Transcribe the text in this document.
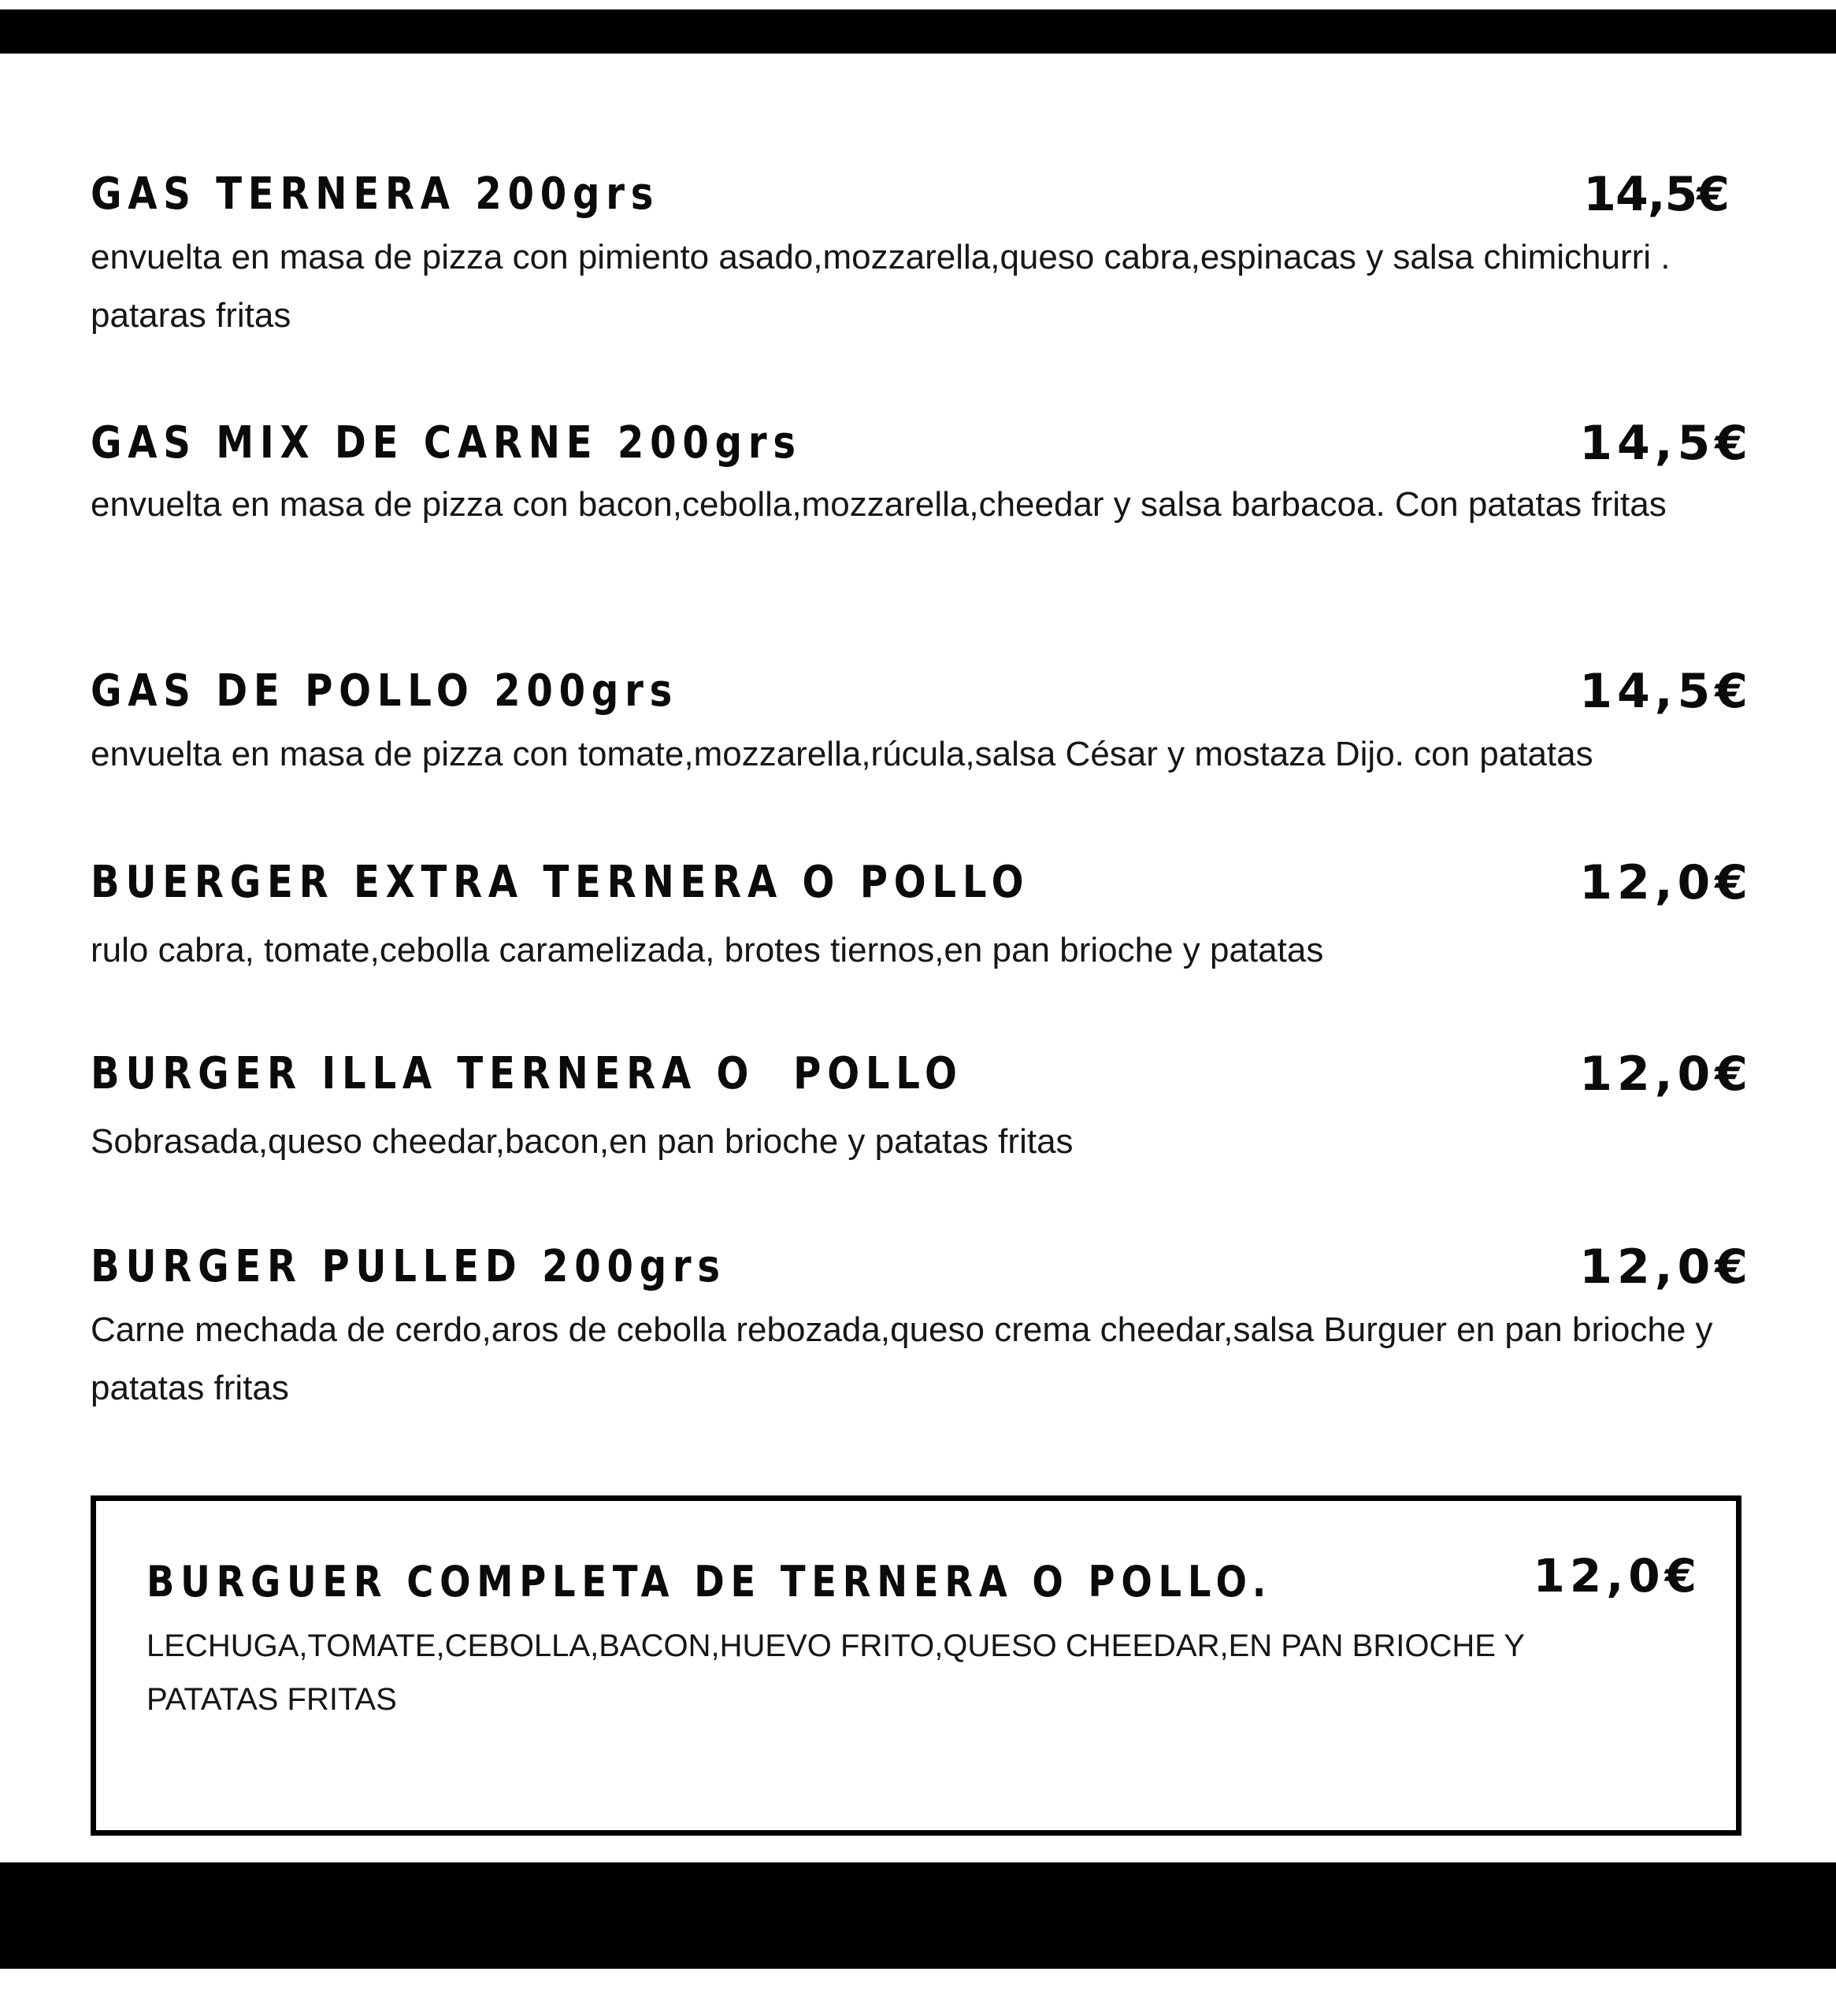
GAS TERNERA 200grs	14,5€
envuelta en masa de pizza con pimiento asado,mozzarella,queso cabra,espinacas y salsa chimichurri . pataras fritas
GAS MIX DE CARNE 200grs	14,5€
envuelta en masa de pizza con bacon,cebolla,mozzarella,cheedar y salsa barbacoa. Con patatas fritas
GAS DE POLLO 200grs	14,5€
envuelta en masa de pizza con tomate,mozzarella,rúcula,salsa César y mostaza Dijo. con patatas
BUERGER EXTRA TERNERA O POLLO	12,0€
rulo cabra, tomate,cebolla caramelizada, brotes tiernos,en pan brioche y patatas
BURGER ILLA TERNERA O  POLLO	12,0€
Sobrasada,queso cheedar,bacon,en pan brioche y patatas fritas
BURGER PULLED 200grs	12,0€
Carne mechada de cerdo,aros de cebolla rebozada,queso crema cheedar,salsa Burguer en pan brioche y patatas fritas
BURGUER COMPLETA DE TERNERA O POLLO.	12,0€
LECHUGA,TOMATE,CEBOLLA,BACON,HUEVO FRITO,QUESO CHEEDAR,EN PAN BRIOCHE Y PATATAS FRITAS
